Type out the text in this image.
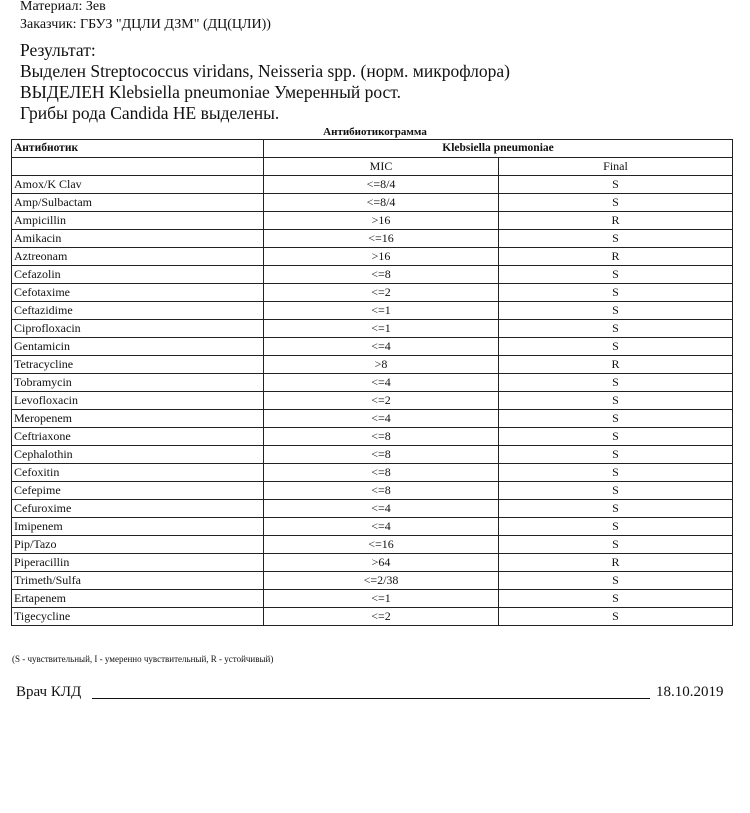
Материал: Зев
Заказчик: ГБУЗ "ДЦЛИ ДЗМ" (ДЦ(ЦЛИ))
Результат:
Выделен Streptococcus viridans, Neisseria spp. (норм. микрофлора)
ВЫДЕЛЕН Klebsiella pneumoniae Умеренный рост.
Грибы рода Candida НЕ выделены.
Антибиотикограмма
Антибиотик	Klebsiella pneumoniae	
	MIC	Final
Amox/K Clav	<=8/4	S
Amp/Sulbactam	<=8/4	S
Ampicillin	>16	R
Amikacin	<=16	S
Aztreonam	>16	R
Cefazolin	<=8	S
Cefotaxime	<=2	S
Ceftazidime	<=1	S
Ciprofloxacin	<=1	S
Gentamicin	<=4	S
Tetracycline	>8	R
Tobramycin	<=4	S
Levofloxacin	<=2	S
Meropenem	<=4	S
Ceftriaxone	<=8	S
Cephalothin	<=8	S
Cefoxitin	<=8	S
Cefepime	<=8	S
Cefuroxime	<=4	S
Imipenem	<=4	S
Pip/Tazo	<=16	S
Piperacillin	>64	R
Trimeth/Sulfa	<=2/38	S
Ertapenem	<=1	S
Tigecycline	<=2	S
(S - чувствительный, I - умеренно чувствительный, R - устойчивый)
Врач КЛД	18.10.2019
